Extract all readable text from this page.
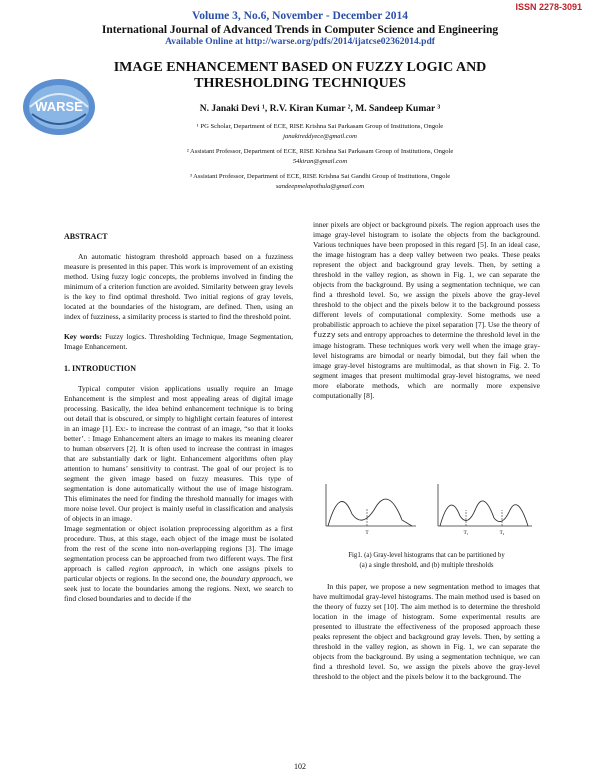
ISSN 2278-3091
Volume 3, No.6, November - December 2014
International Journal of Advanced Trends in Computer Science and Engineering
Available Online at http://warse.org/pdfs/2014/ijatcse02362014.pdf
WARSE
IMAGE ENHANCEMENT BASED ON FUZZY LOGIC AND
THRESHOLDING TECHNIQUES
N. Janaki Devi ¹, R.V. Kiran Kumar ², M. Sandeep Kumar ³
¹ PG Scholar, Department of ECE, RISE Krishna Sai Parkasam Group of Institutions, Ongole
janakireddyece@gmail.com
² Assistant Professor, Department of ECE, RISE Krishna Sai Parkasam Group of Institutions, Ongole
54kiran@gmail.com
³ Assistant Professor, Department of ECE, RISE Krishna Sai Gandhi Group of Institutions, Ongole
sandeepmelapothula@gmail.com
ABSTRACT

An automatic histogram threshold approach based on a fuzziness measure is presented in this paper. This work is improvement of an existing method. Using fuzzy logic concepts, the problems involved in finding the minimum of a criterion function are avoided. Similarity between gray levels is the key to find optimal threshold. Two initial regions of gray levels, located at the boundaries of the histogram, are defined. Then, using an index of fuzziness, a similarity process is started to find the threshold point.

Key words: Fuzzy logics. Thresholding Technique, Image Segmentation, Image Enhancement.

1. INTRODUCTION

Typical computer vision applications usually require an Image Enhancement is the simplest and most appealing areas of digital image processing. Basically, the idea behind enhancement technique is to bring out detail that is obscured, or simply to highlight certain features of interest in an image [1]. Ex:- to increase the contrast of an image, “so that it looks better’. : Image Enhancement alters an image to makes its meaning clearer to human observers [2]. It is often used to increase the contrast in images that are substantially dark or light. Enhancement algorithms often play attention to humans’ sensitivity to contrast. The goal of our project is to segment the given image based on fuzzy measures. This type of segmentation is done automatically without the use of image histogram. This eliminates the need for finding the threshold manually for images with more noise level. Our project is mainly useful in classification and analysis of objects in an image.

Image segmentation or object isolation preprocessing algorithm as a first procedure. Thus, at this stage, each object of the image must be isolated from the rest of the scene into non-overlapping regions [3]. The image segmentation process can be approached from two different ways. The first approach is called region approach, in which one assigns pixels to particular objects or regions. In the second one, the boundary approach, we seek just to locate the boundaries among the regions. Next, we search to find closed boundaries and to decide if the

inner pixels are object or background pixels. The region approach uses the image gray-level histogram to isolate the objects from the background. Various techniques have been proposed in this regard [5]. In an ideal case, the image histogram has a deep valley between two peaks. These peaks represent the object and background gray levels. Then, by setting a threshold in the valley region, as shown in Fig. 1, we can separate the objects from the background. By using a segmentation technique, we can find a threshold level. So, we assign the pixels above the gray-level threshold to the object and the pixels below it to the background possess different levels of computational complexity. Some methods use a probabilistic approach to achieve the pixel separation [7]. Use the theory of fuzzy sets and entropy approaches to determine the threshold level in the image histogram. These techniques work very well when the image gray-level histograms are bimodal or nearly bimodal, but they fail when the image gray-level histograms are multimodal, as that shown in Fig. 2. To segment images that present multimodal gray-level histograms, we need more elaborate methods, which are normally more expensive computationally [8].

T	T₁	T₂
Fig1. (a) Gray-level histograms that can be partitioned by
(a) a single threshold, and (b) multiple thresholds

In this paper, we propose a new segmentation method to images that have multimodal gray-level histograms. The main method used is based on the theory of fuzzy set [10]. The aim method is to determine the threshold location in the image of histogram. Some experimental results are presented to illustrate the effectiveness of the proposed approach these peaks represent the object and background gray levels. Then, by setting a threshold in the valley region, as shown in Fig. 1, we can separate the objects from the background. By using a segmentation technique, we can find a threshold level. So, we assign the pixels above the gray-level threshold to the object and the pixels below it to the background. The

102
